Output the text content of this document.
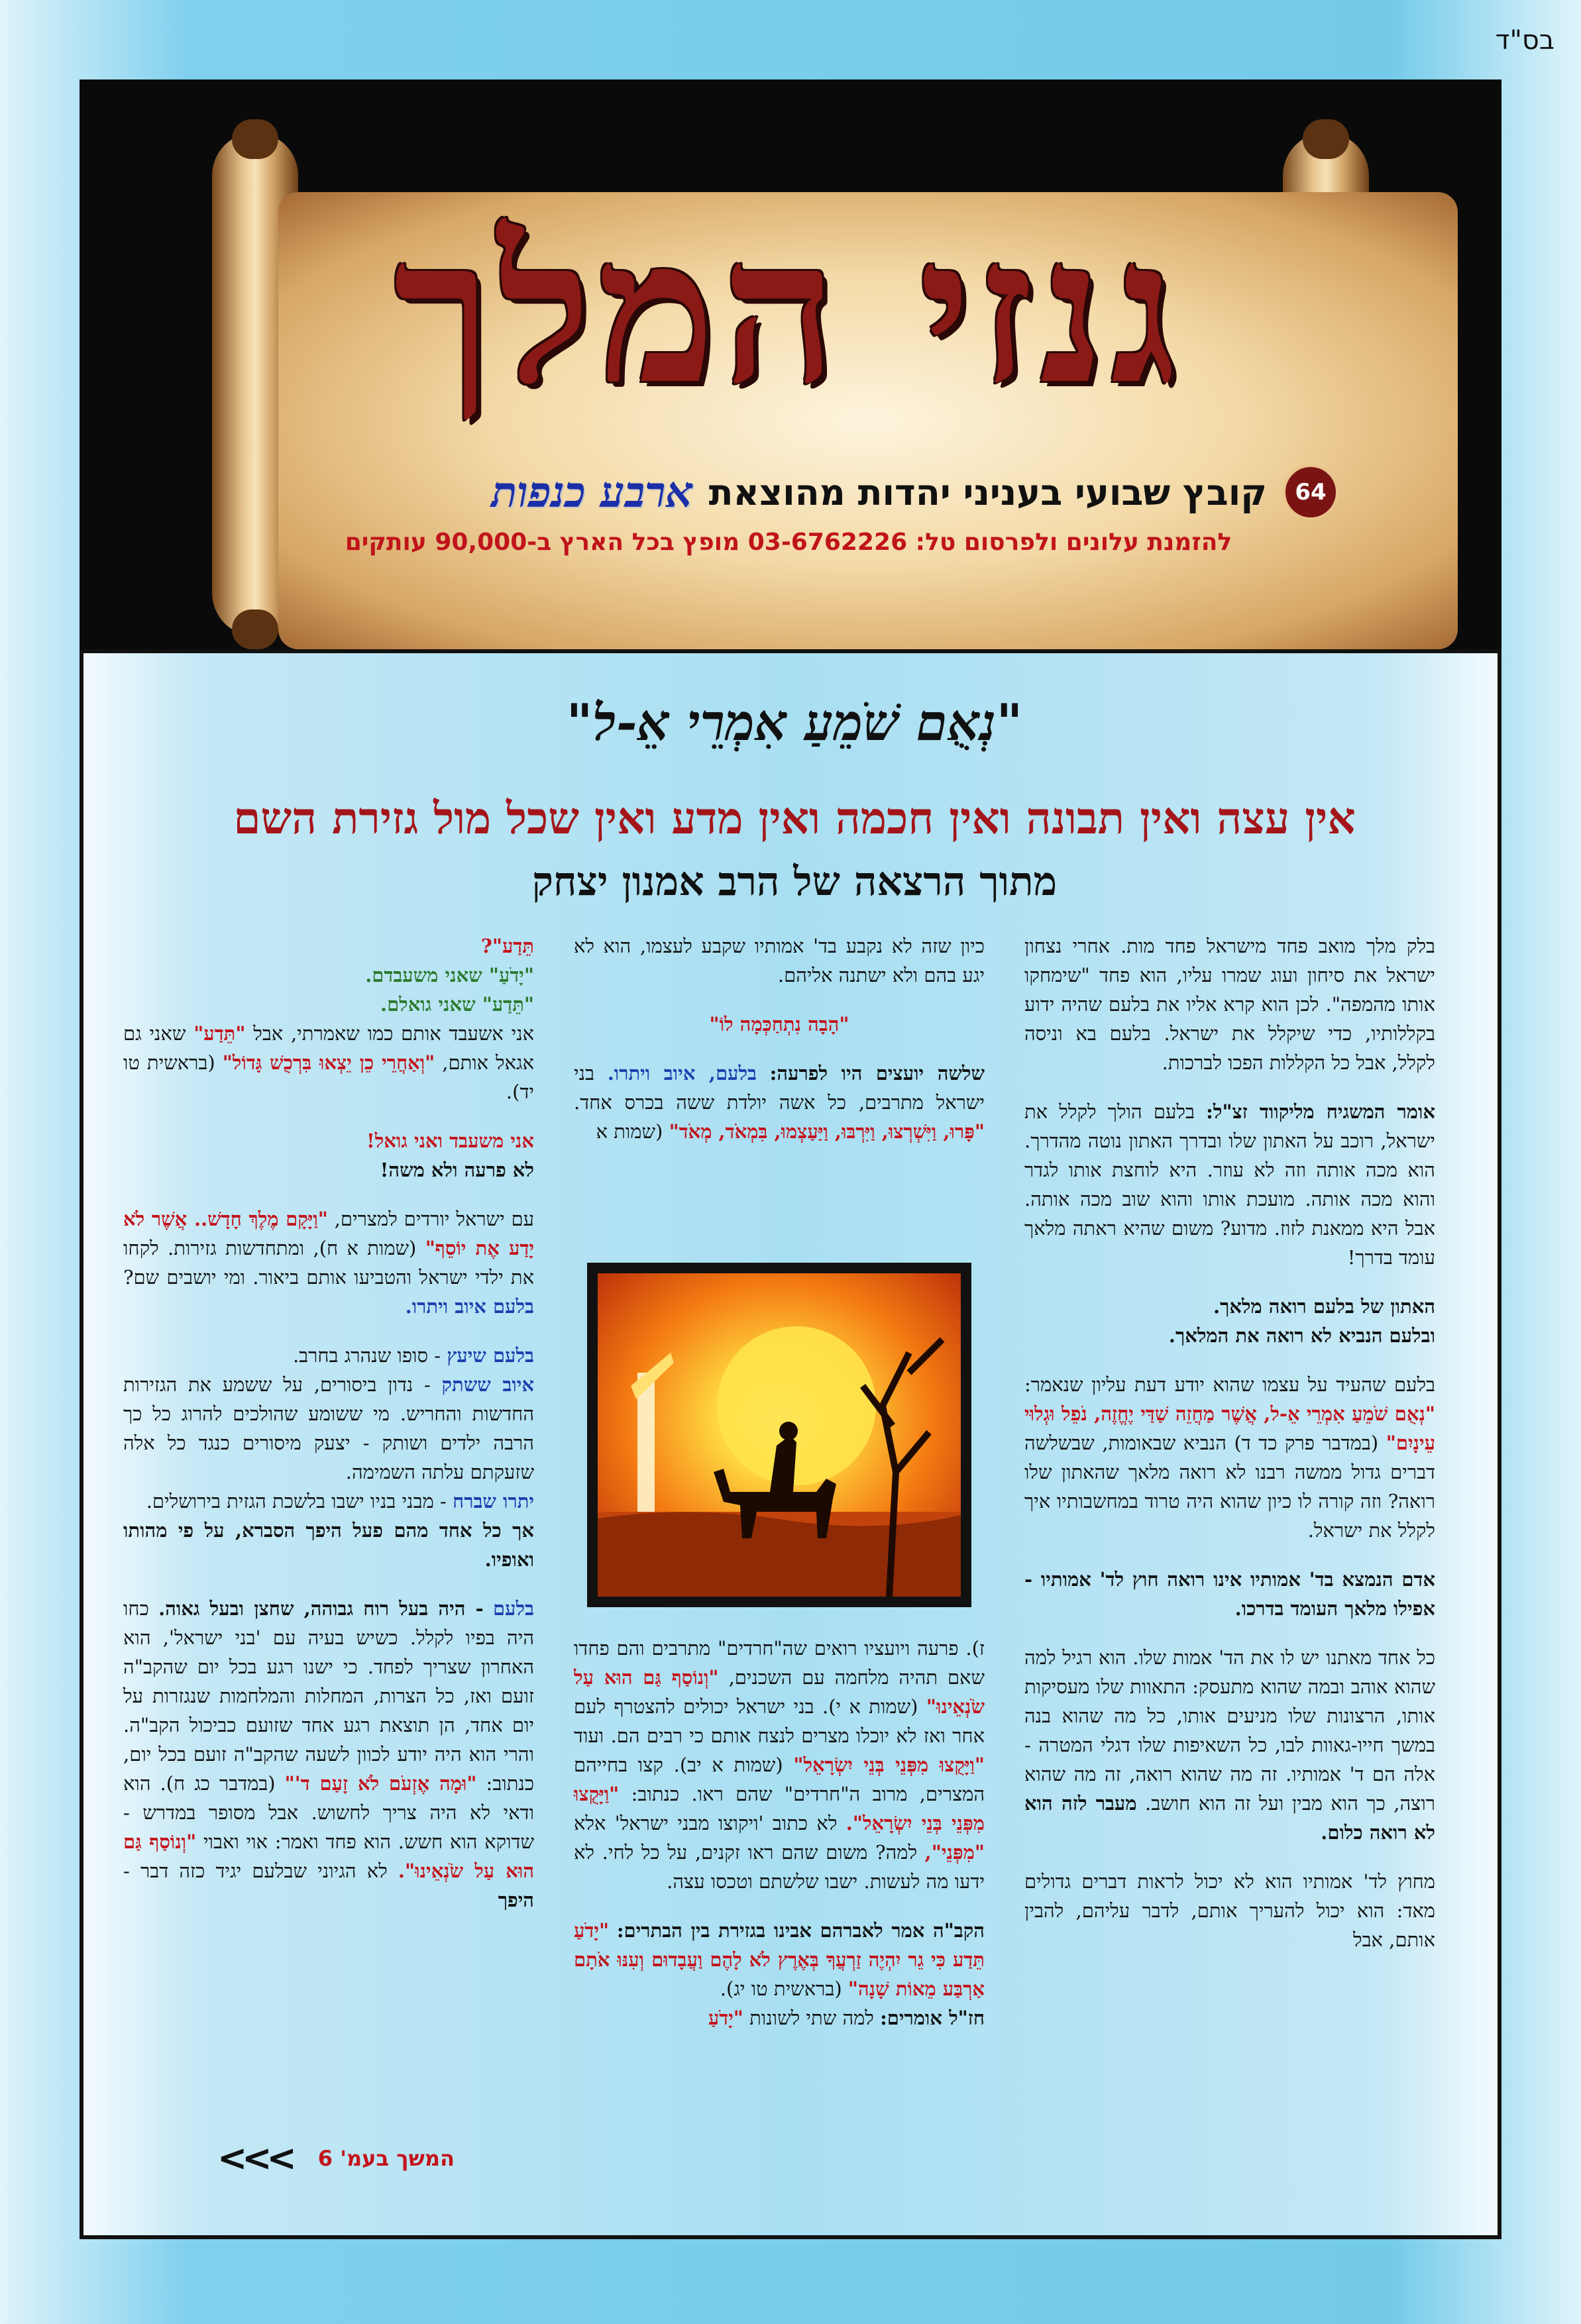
בס"ד
גנזי המלך
64
קובץ שבועי בעניני יהדות מהוצאת
ארבע כנפות
להזמנת עלונים ולפרסום טל: 03-6762226 מופץ בכל הארץ ב-90,000 עותקים
"נְאֻם שֹׁמֵעַ אִמְרֵי אֵ-ל"
אין עצה ואין תבונה ואין חכמה ואין מדע ואין שכל מול גזירת השם
מתוך הרצאה של הרב אמנון יצחק

בלק מלך מואב פחד מישראל פחד מות. אחרי נצחון ישראל את סיחון ועוג שמרו עליו, הוא פחד "שימחקו אותו מהמפה". לכן הוא קרא אליו את בלעם שהיה ידוע בקללותיו, כדי שיקלל את ישראל. בלעם בא וניסה לקלל, אבל כל הקללות הפכו לברכות.

אומר המשגיח מליקווד זצ"ל: בלעם הולך לקלל את ישראל, רוכב על האתון שלו ובדרך האתון נוטה מהדרך. הוא מכה אותה וזה לא עוזר. היא לוחצת אותו לגדר והוא מכה אותה. מועכת אותו והוא שוב מכה אותה. אבל היא ממאנת לזוז. מדוע? משום שהיא ראתה מלאך עומד בדרך!

האתון של בלעם רואה מלאך.
ובלעם הנביא לא רואה את המלאך.

בלעם שהעיד על עצמו שהוא יודע דעת עליון שנאמר: "נְאֻם שֹׁמֵעַ אִמְרֵי אֵ-ל, אֲשֶׁר מַחֲזֵה שַׁדַּי יֶחֱזֶה, נֹפֵל וּגְלוּי עֵינָיִם" (במדבר פרק כד ד) הנביא שבאומות, שבשלשה דברים גדול ממשה רבנו לא רואה מלאך שהאתון שלו רואה? וזה קורה לו כיון שהוא היה טרוד במחשבותיו איך לקלל את ישראל.

אדם הנמצא בד' אמותיו אינו רואה חוץ לד' אמותיו - אפילו מלאך העומד בדרכו.

כל אחד מאתנו יש לו את הד' אמות שלו. הוא רגיל למה שהוא אוהב ובמה שהוא מתעסק: התאוות שלו מעסיקות אותו, הרצונות שלו מניעים אותו, כל מה שהוא בנה במשך חייו-גאוות לבו, כל השאיפות שלו דגלי המטרה - אלה הם ד' אמותיו. זה מה שהוא רואה, זה מה שהוא רוצה, כך הוא מבין ועל זה הוא חושב. מעבר לזה הוא לא רואה כלום.

מחוץ לד' אמותיו הוא לא יכול לראות דברים גדולים מאד: הוא יכול להעריך אותם, לדבר עליהם, להבין אותם, אבל

כיון שזה לא נקבע בד' אמותיו שקבע לעצמו, הוא לא יגע בהם ולא ישתנה אליהם.

"הָבָה נִתְחַכְּמָה לוֹ"

שלשה יועצים היו לפרעה: בלעם, איוב ויתרו. בני ישראל מתרבים, כל אשה יולדת ששה בכרס אחד. "פָּרוּ, וַיִּשְׁרְצוּ, וַיִּרְבּוּ, וַיַּעַצְמוּ, בִּמְאֹד, מְאֹד" (שמות א

ז). פרעה ויועציו רואים שה"חרדים" מתרבים והם פחדו שאם תהיה מלחמה עם השכנים, "וְנוֹסַף גַּם הוּא עַל שֹׂנְאֵינוּ" (שמות א י). בני ישראל יכולים להצטרף לעם אחר ואז לא יוכלו מצרים לנצח אותם כי רבים הם. ועוד "וַיָּקֻצוּ מִפְּנֵי בְּנֵי יִשְׂרָאֵל" (שמות א יב). קצו בחייהם המצרים, מרוב ה"חרדים" שהם ראו. כנתוב: "וַיָּקֻצוּ מִפְּנֵי בְּנֵי יִשְׂרָאֵל". לא כתוב 'ויקוצו מבני ישראל' אלא "מִפְּנֵי", למה? משום שהם ראו זקנים, על כל לחי. לא ידעו מה לעשות. ישבו שלשתם וטכסו עצה.

הקב"ה אמר לאברהם אבינו בגזירת בין הבתרים: "יָדֹעַ תֵּדַע כִּי גֵר יִהְיֶה זַרְעֲךָ בְּאֶרֶץ לֹא לָהֶם וַעֲבָדוּם וְעִנּוּ אֹתָם אַרְבַּע מֵאוֹת שָׁנָה" (בראשית טו יג).
חז"ל אומרים: למה שתי לשונות "יָדֹעַ

תֵּדַע"?
"יָדֹעַ" שאני משעבדם.
"תֵּדַע" שאני גואלם.
אני אשעבד אותם כמו שאמרתי, אבל "תֵּדַע" שאני גם אגאל אותם, "וְאַחֲרֵי כֵן יֵצְאוּ בִּרְכֻשׁ גָּדוֹל" (בראשית טו יד).

אני משעבד ואני גואל!
לא פרעה ולא משה!

עם ישראל יורדים למצרים, "וַיָּקָם מֶלֶךְ חָדָשׁ.. אֲשֶׁר לֹא יָדַע אֶת יוֹסֵף" (שמות א ח), ומתחדשות גזירות. לקחו את ילדי ישראל והטביעו אותם ביאור. ומי יושבים שם? בלעם איוב ויתרו.

בלעם שיעץ - סופו שנהרג בחרב.
איוב ששתק - נדון ביסורים, על ששמע את הגזירות החדשות והחריש. מי ששומע שהולכים להרוג כל כך הרבה ילדים ושותק - יצעק מיסורים כנגד כל אלה שזעקתם עלתה השמימה.
יתרו שברח - מבני בניו ישבו בלשכת הגזית בירושלים.
אך כל אחד מהם פעל היפך הסברא, על פי מהותו ואופיו.

בלעם - היה בעל רוח גבוהה, שחצן ובעל גאוה. כחו היה בפיו לקלל. כשיש בעיה עם 'בני ישראל', הוא האחרון שצריך לפחד. כי ישנו רגע בכל יום שהקב"ה זועם ואז, כל הצרות, המחלות והמלחמות שנגזרות על יום אחד, הן תוצאת רגע אחד שזועם כביכול הקב"ה. והרי הוא היה יודע לכוון לשעה שהקב"ה זועם בכל יום, כנתוב: "וּמָה אֶזְעֹם לֹא זָעַם ד'" (במדבר כג ח). הוא ודאי לא היה צריך לחשוש. אבל מסופר במדרש - שדוקא הוא חשש. הוא פחד ואמר: אוי ואבוי "וְנוֹסַף גַּם הוּא עַל שֹׂנְאֵינוּ". לא הגיוני שבלעם יגיד כזה דבר - היפך

המשך בעמ' 6
<<<
